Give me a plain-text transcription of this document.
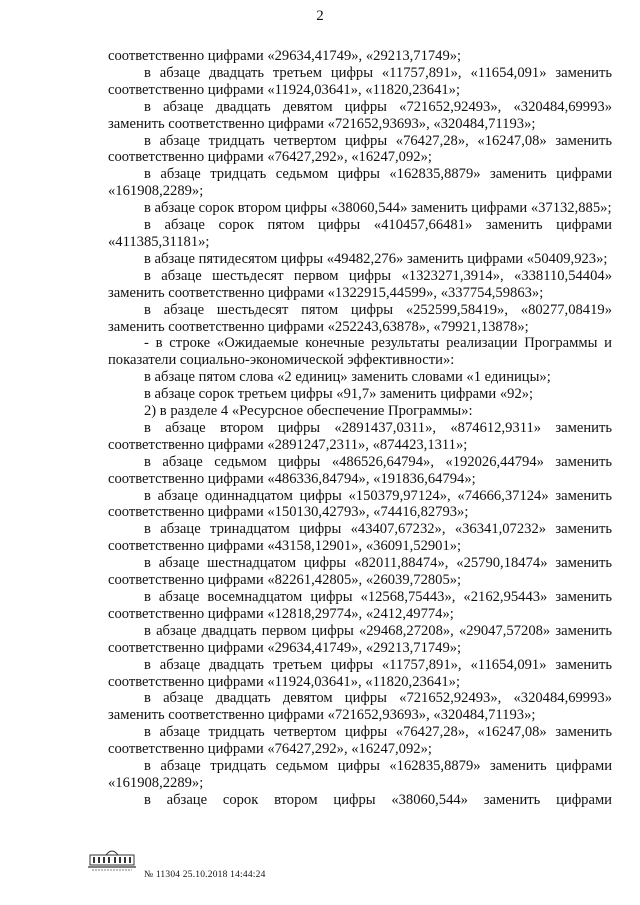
2

соответственно цифрами «29634,41749», «29213,71749»;

в абзаце двадцать третьем цифры «11757,891», «11654,091» заменить соответственно цифрами «11924,03641», «11820,23641»;

в абзаце двадцать девятом цифры «721652,92493», «320484,69993» заменить соответственно цифрами «721652,93693», «320484,71193»;

в абзаце тридцать четвертом цифры «76427,28», «16247,08» заменить соответственно цифрами «76427,292», «16247,092»;

в абзаце тридцать седьмом цифры «162835,8879» заменить цифрами «161908,2289»;

в абзаце сорок втором цифры «38060,544» заменить цифрами «37132,885»;

в абзаце сорок пятом цифры «410457,66481» заменить цифрами «411385,31181»;

в абзаце пятидесятом цифры «49482,276» заменить цифрами «50409,923»;

в абзаце шестьдесят первом цифры «1323271,3914», «338110,54404» заменить соответственно цифрами «1322915,44599», «337754,59863»;

в абзаце шестьдесят пятом цифры «252599,58419», «80277,08419» заменить соответственно цифрами «252243,63878», «79921,13878»;

- в строке «Ожидаемые конечные результаты реализации Программы и показатели социально-экономической эффективности»:

в абзаце пятом слова «2 единиц» заменить словами «1 единицы»;

в абзаце сорок третьем цифры «91,7» заменить цифрами «92»;

2) в разделе 4 «Ресурсное обеспечение Программы»:

в абзаце втором цифры «2891437,0311», «874612,9311» заменить соответственно цифрами «2891247,2311», «874423,1311»;

в абзаце седьмом цифры «486526,64794», «192026,44794» заменить соответственно цифрами «486336,84794», «191836,64794»;

в абзаце одиннадцатом цифры «150379,97124», «74666,37124» заменить соответственно цифрами «150130,42793», «74416,82793»;

в абзаце тринадцатом цифры «43407,67232», «36341,07232» заменить соответственно цифрами «43158,12901», «36091,52901»;

в абзаце шестнадцатом цифры «82011,88474», «25790,18474» заменить соответственно цифрами «82261,42805», «26039,72805»;

в абзаце восемнадцатом цифры «12568,75443», «2162,95443» заменить соответственно цифрами «12818,29774», «2412,49774»;

в абзаце двадцать первом цифры «29468,27208», «29047,57208» заменить соответственно цифрами «29634,41749», «29213,71749»;

в абзаце двадцать третьем цифры «11757,891», «11654,091» заменить соответственно цифрами «11924,03641», «11820,23641»;

в абзаце двадцать девятом цифры «721652,92493», «320484,69993» заменить соответственно цифрами «721652,93693», «320484,71193»;

в абзаце тридцать четвертом цифры «76427,28», «16247,08» заменить соответственно цифрами «76427,292», «16247,092»;

в абзаце тридцать седьмом цифры «162835,8879» заменить цифрами «161908,2289»;

в абзаце сорок втором цифры «38060,544» заменить цифрами

№ 11304 25.10.2018 14:44:24
